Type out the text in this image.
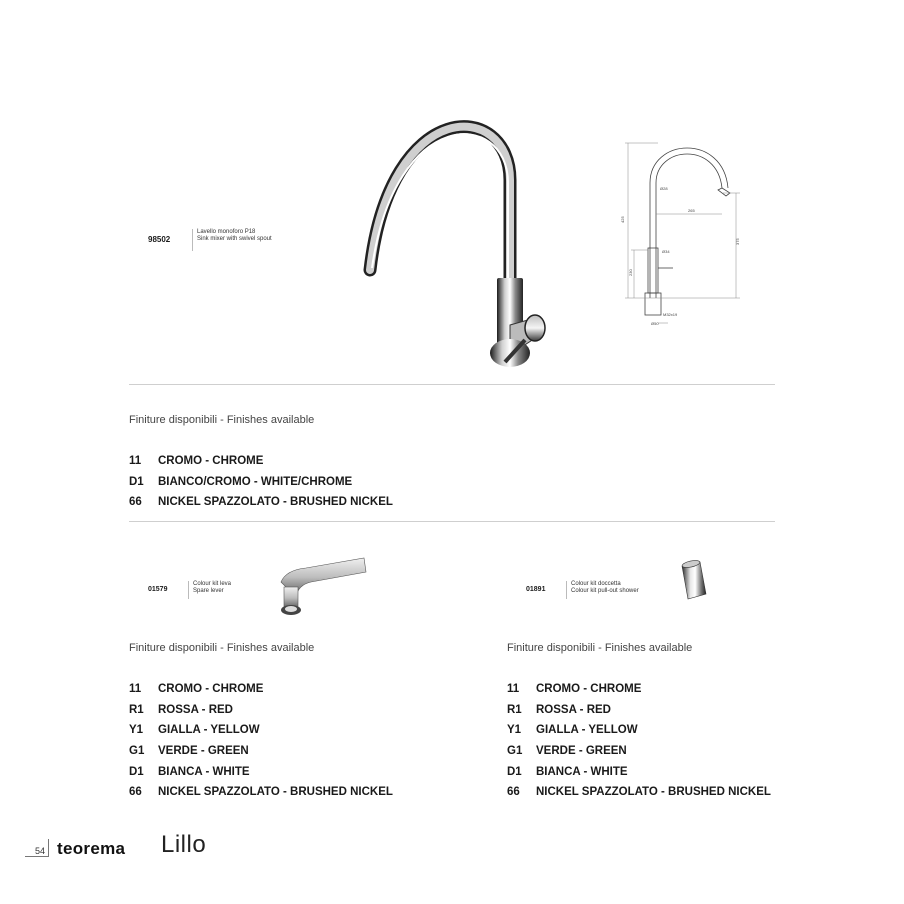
98502
Lavello monoforo P18
Sink mixer with swivel spout
Ø28
265
425
Ø34
375
230
M32x19
Ø50
Finiture disponibili - Finishes available
11	CROMO - CHROME
D1	BIANCO/CROMO - WHITE/CHROME
66	NICKEL SPAZZOLATO - BRUSHED NICKEL
01579
Colour kit leva
Spare lever
Finiture disponibili - Finishes available
11	CROMO - CHROME
R1	ROSSA - RED
Y1	GIALLA - YELLOW
G1	VERDE - GREEN
D1	BIANCA - WHITE
66	NICKEL SPAZZOLATO - BRUSHED NICKEL
01891
Colour kit doccetta
Colour kit pull-out shower
Finiture disponibili - Finishes available
11	CROMO - CHROME
R1	ROSSA - RED
Y1	GIALLA - YELLOW
G1	VERDE - GREEN
D1	BIANCA - WHITE
66	NICKEL SPAZZOLATO - BRUSHED NICKEL
54 teorema Lillo
